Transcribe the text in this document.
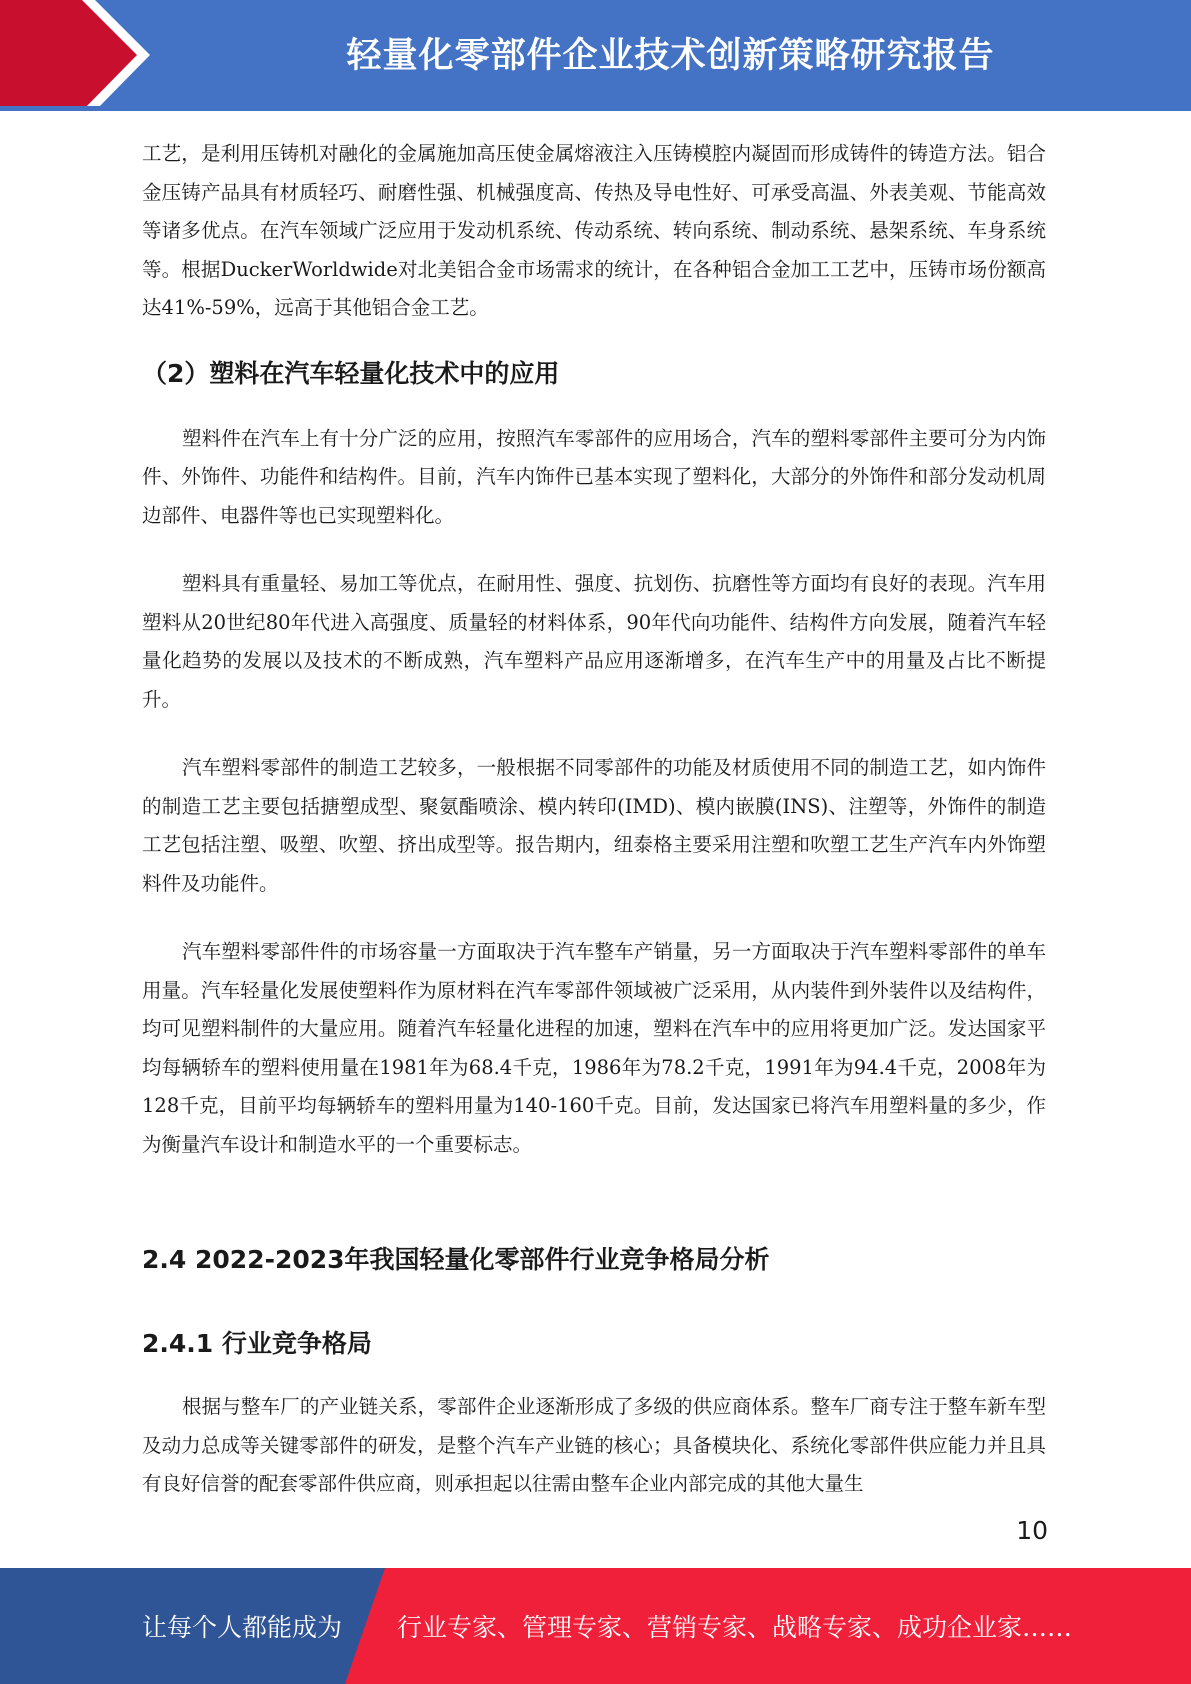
轻量化零部件企业技术创新策略研究报告

工艺，是利用压铸机对融化的金属施加高压使金属熔液注入压铸模腔内凝固而形成铸件的铸造方法。铝合金压铸产品具有材质轻巧、耐磨性强、机械强度高、传热及导电性好、可承受高温、外表美观、节能高效等诸多优点。在汽车领域广泛应用于发动机系统、传动系统、转向系统、制动系统、悬架系统、车身系统等。根据DuckerWorldwide对北美铝合金市场需求的统计，在各种铝合金加工工艺中，压铸市场份额高达41%-59%，远高于其他铝合金工艺。

（2）塑料在汽车轻量化技术中的应用

塑料件在汽车上有十分广泛的应用，按照汽车零部件的应用场合，汽车的塑料零部件主要可分为内饰件、外饰件、功能件和结构件。目前，汽车内饰件已基本实现了塑料化，大部分的外饰件和部分发动机周边部件、电器件等也已实现塑料化。

塑料具有重量轻、易加工等优点，在耐用性、强度、抗划伤、抗磨性等方面均有良好的表现。汽车用塑料从20世纪80年代进入高强度、质量轻的材料体系，90年代向功能件、结构件方向发展，随着汽车轻量化趋势的发展以及技术的不断成熟，汽车塑料产品应用逐渐增多，在汽车生产中的用量及占比不断提升。

汽车塑料零部件的制造工艺较多，一般根据不同零部件的功能及材质使用不同的制造工艺，如内饰件的制造工艺主要包括搪塑成型、聚氨酯喷涂、模内转印(IMD)、模内嵌膜(INS)、注塑等，外饰件的制造工艺包括注塑、吸塑、吹塑、挤出成型等。报告期内，纽泰格主要采用注塑和吹塑工艺生产汽车内外饰塑料件及功能件。

汽车塑料零部件件的市场容量一方面取决于汽车整车产销量，另一方面取决于汽车塑料零部件的单车用量。汽车轻量化发展使塑料作为原材料在汽车零部件领域被广泛采用，从内装件到外装件以及结构件，均可见塑料制件的大量应用。随着汽车轻量化进程的加速，塑料在汽车中的应用将更加广泛。发达国家平均每辆轿车的塑料使用量在1981年为68.4千克，1986年为78.2千克，1991年为94.4千克，2008年为128千克，目前平均每辆轿车的塑料用量为140-160千克。目前，发达国家已将汽车用塑料量的多少，作为衡量汽车设计和制造水平的一个重要标志。

2.4 2022-2023年我国轻量化零部件行业竞争格局分析
2.4.1 行业竞争格局

根据与整车厂的产业链关系，零部件企业逐渐形成了多级的供应商体系。整车厂商专注于整车新车型及动力总成等关键零部件的研发，是整个汽车产业链的核心；具备模块化、系统化零部件供应能力并且具有良好信誉的配套零部件供应商，则承担起以往需由整车企业内部完成的其他大量生

10
让每个人都能成为 行业专家、管理专家、营销专家、战略专家、成功企业家……
